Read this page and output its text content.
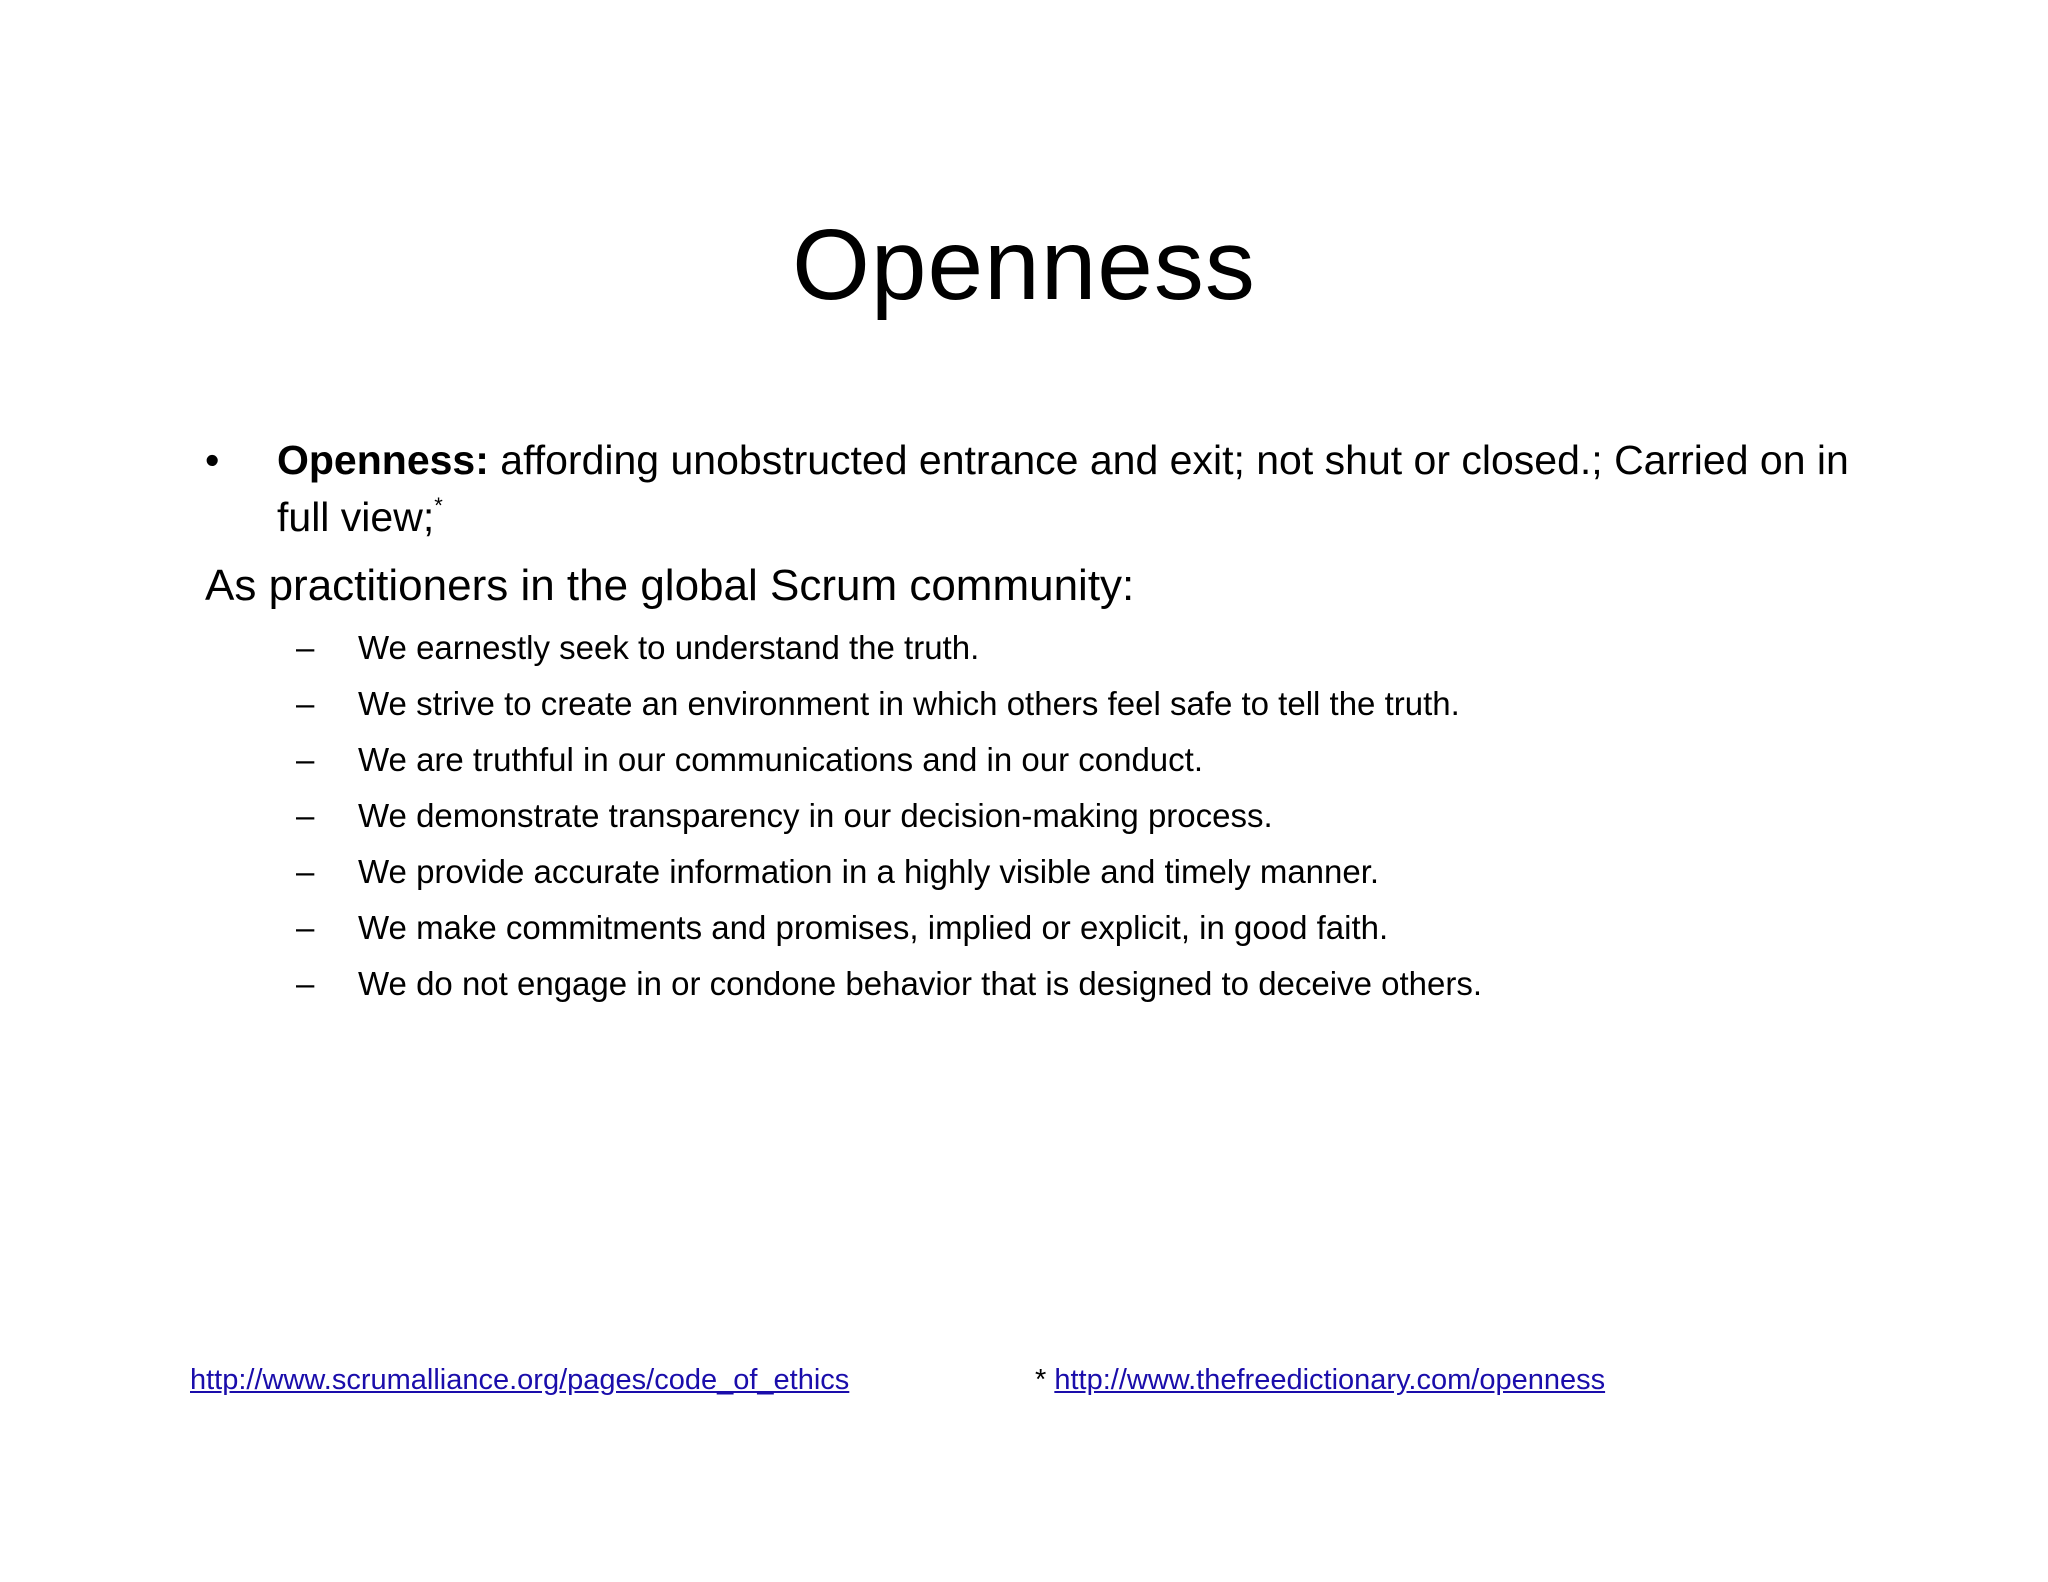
Openness
•	Openness: affording unobstructed entrance and exit; not shut or closed.; Carried on in full view;*
As practitioners in the global Scrum community:
– We earnestly seek to understand the truth.
– We strive to create an environment in which others feel safe to tell the truth.
– We are truthful in our communications and in our conduct.
– We demonstrate transparency in our decision-making process.
– We provide accurate information in a highly visible and timely manner.
– We make commitments and promises, implied or explicit, in good faith.
– We do not engage in or condone behavior that is designed to deceive others.
http://www.scrumalliance.org/pages/code_of_ethics	* http://www.thefreedictionary.com/openness
